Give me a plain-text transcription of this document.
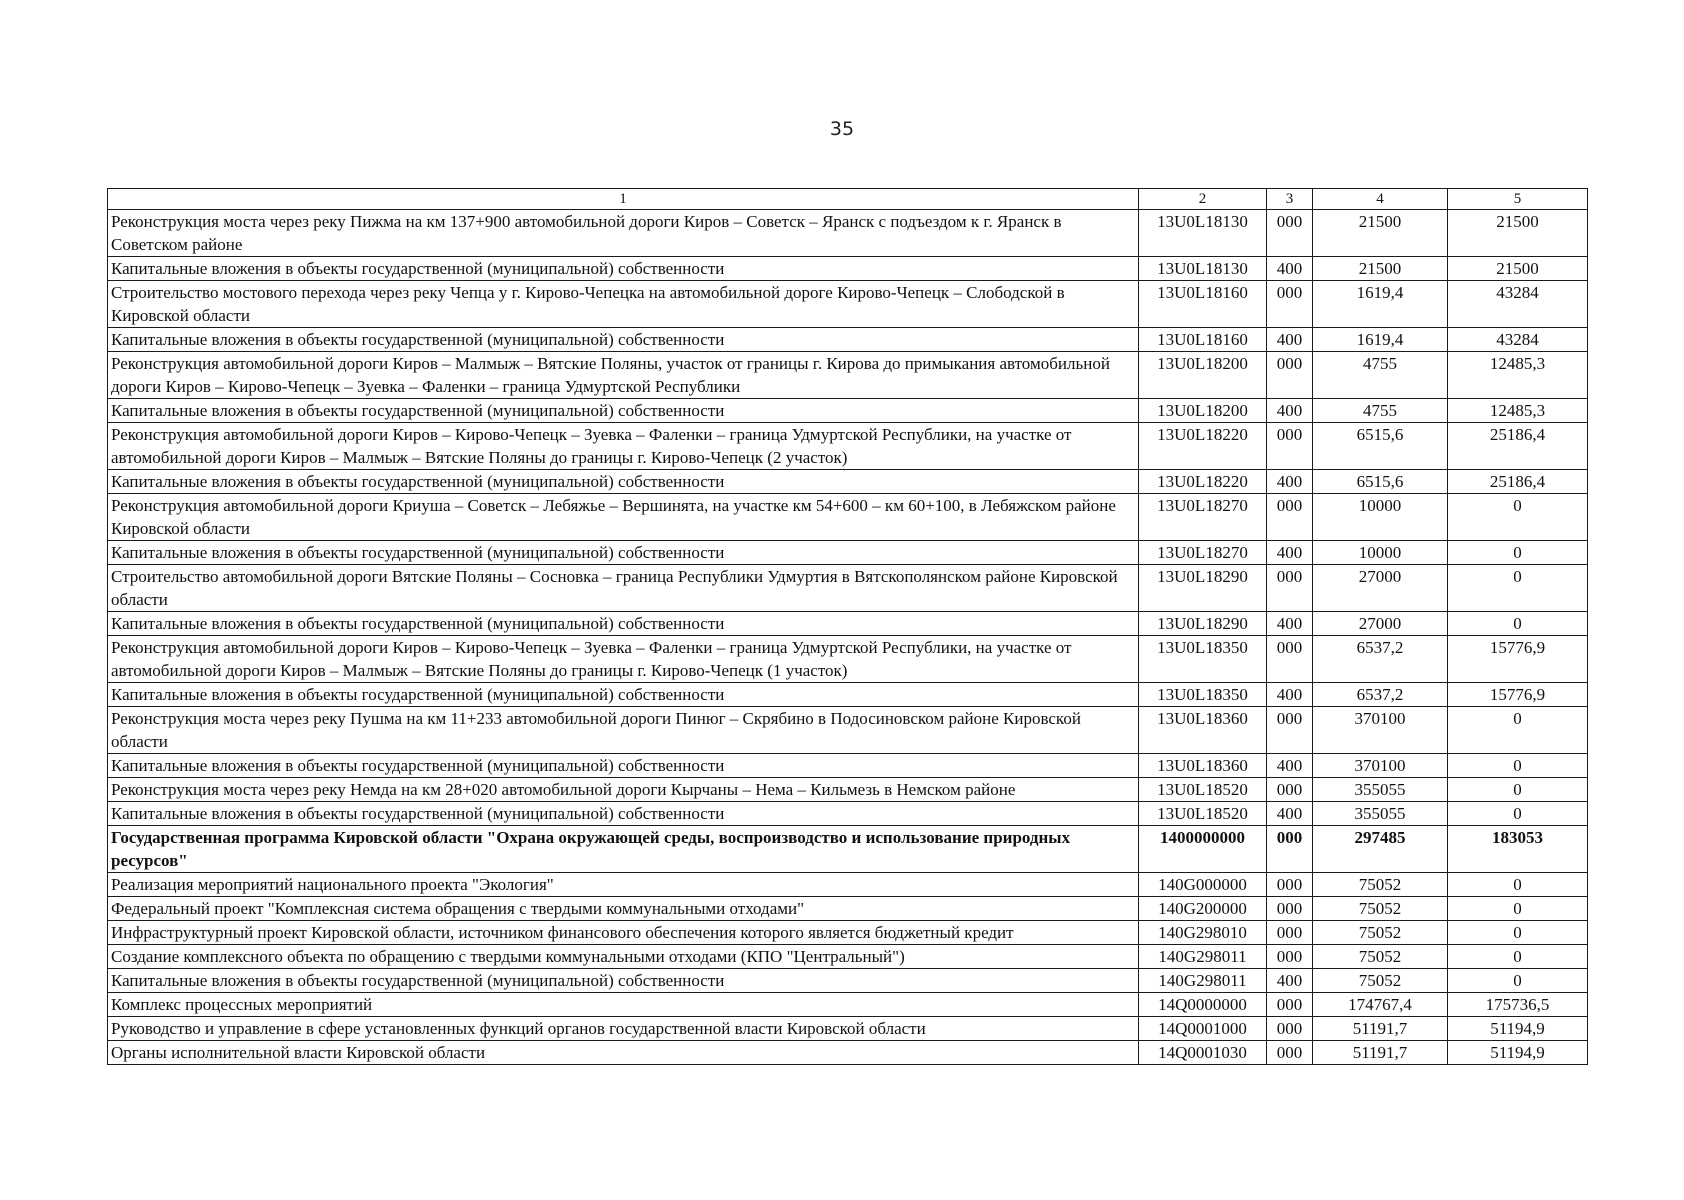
35
1	2	3	4	5
Реконструкция моста через реку Пижма на км 137+900 автомобильной дороги Киров – Советск – Яранск с подъездом к г. Яранск в Советском районе	13U0L18130	000	21500	21500
Капитальные вложения в объекты государственной (муниципальной) собственности	13U0L18130	400	21500	21500
Строительство мостового перехода через реку Чепца у г. Кирово-Чепецка на автомобильной дороге Кирово-Чепецк – Слободской в Кировской области	13U0L18160	000	1619,4	43284
Капитальные вложения в объекты государственной (муниципальной) собственности	13U0L18160	400	1619,4	43284
Реконструкция автомобильной дороги Киров – Малмыж – Вятские Поляны, участок от границы г. Кирова до примыкания автомобильной дороги Киров – Кирово-Чепецк – Зуевка – Фаленки – граница Удмуртской Республики	13U0L18200	000	4755	12485,3
Капитальные вложения в объекты государственной (муниципальной) собственности	13U0L18200	400	4755	12485,3
Реконструкция автомобильной дороги Киров – Кирово-Чепецк – Зуевка – Фаленки – граница Удмуртской Республики, на участке от автомобильной дороги Киров – Малмыж – Вятские Поляны до границы г. Кирово-Чепецк (2 участок)	13U0L18220	000	6515,6	25186,4
Капитальные вложения в объекты государственной (муниципальной) собственности	13U0L18220	400	6515,6	25186,4
Реконструкция автомобильной дороги Криуша – Советск – Лебяжье – Вершинята, на участке км 54+600 – км 60+100, в Лебяжском районе Кировской области	13U0L18270	000	10000	0
Капитальные вложения в объекты государственной (муниципальной) собственности	13U0L18270	400	10000	0
Строительство автомобильной дороги Вятские Поляны – Сосновка – граница Республики Удмуртия в Вятскополянском районе Кировской области	13U0L18290	000	27000	0
Капитальные вложения в объекты государственной (муниципальной) собственности	13U0L18290	400	27000	0
Реконструкция автомобильной дороги Киров – Кирово-Чепецк – Зуевка – Фаленки – граница Удмуртской Республики, на участке от автомобильной дороги Киров – Малмыж – Вятские Поляны до границы г. Кирово-Чепецк (1 участок)	13U0L18350	000	6537,2	15776,9
Капитальные вложения в объекты государственной (муниципальной) собственности	13U0L18350	400	6537,2	15776,9
Реконструкция моста через реку Пушма на км 11+233 автомобильной дороги Пинюг – Скрябино в Подосиновском районе Кировской области	13U0L18360	000	370100	0
Капитальные вложения в объекты государственной (муниципальной) собственности	13U0L18360	400	370100	0
Реконструкция моста через реку Немда на км 28+020 автомобильной дороги Кырчаны – Нема – Кильмезь в Немском районе	13U0L18520	000	355055	0
Капитальные вложения в объекты государственной (муниципальной) собственности	13U0L18520	400	355055	0
Государственная программа Кировской области "Охрана окружающей среды, воспроизводство и использование природных ресурсов"	1400000000	000	297485	183053
Реализация мероприятий национального проекта "Экология"	140G000000	000	75052	0
Федеральный проект "Комплексная система обращения с твердыми коммунальными отходами"	140G200000	000	75052	0
Инфраструктурный проект Кировской области, источником финансового обеспечения которого является бюджетный кредит	140G298010	000	75052	0
Создание комплексного объекта по обращению с твердыми коммунальными отходами (КПО "Центральный")	140G298011	000	75052	0
Капитальные вложения в объекты государственной (муниципальной) собственности	140G298011	400	75052	0
Комплекс процессных мероприятий	14Q0000000	000	174767,4	175736,5
Руководство и управление в сфере установленных функций органов государственной власти Кировской области	14Q0001000	000	51191,7	51194,9
Органы исполнительной власти Кировской области	14Q0001030	000	51191,7	51194,9
